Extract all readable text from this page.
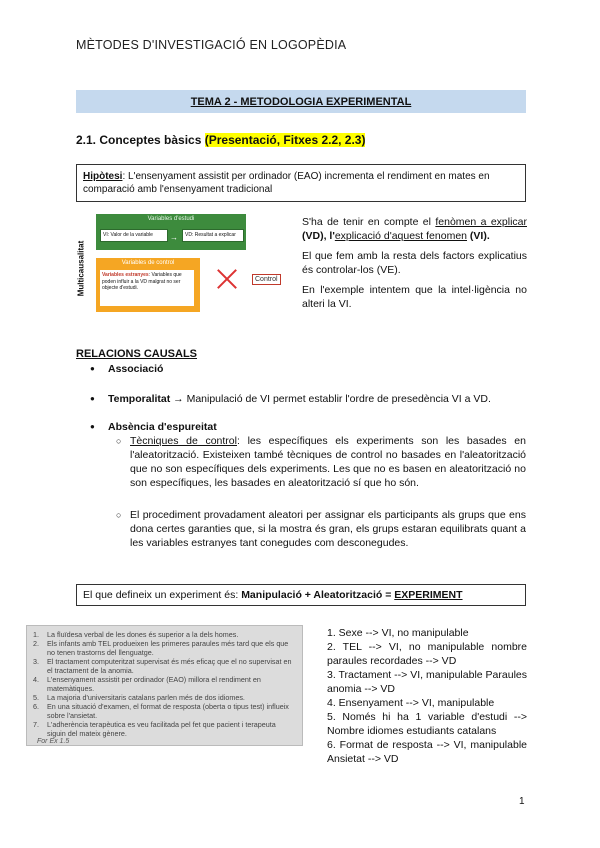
MÈTODES D'INVESTIGACIÓ EN LOGOPÈDIA
TEMA 2 - METODOLOGIA EXPERIMENTAL
2.1. Conceptes bàsics (Presentació, Fitxes 2.2, 2.3)
Hipòtesi: L'ensenyament assistit per ordinador (EAO) incrementa el rendiment en mates en comparació amb l'ensenyament tradicional
Multicausalitat
Variables d'estudi
VI: Valor de la variable	→	VD: Resultat a explicar
Variables de control
Variables estranyes: Variables que poden influir a la VD malgrat no ser objecte d'estudi.
Control

S'ha de tenir en compte el fenòmen a explicar (VD), l'explicació d'aquest fenomen (VI).

El que fem amb la resta dels factors explicatius és controlar-los (VE).

En l'exemple intentem que la intel·ligència no alteri la VI.

RELACIONS CAUSALS
● Associació
● Temporalitat → Manipulació de VI permet establir l'ordre de presedència VI a VD.
● Absència d'espureitat
○ Tècniques de control: les específiques els experiments son les basades en l'aleatorització. Existeixen també tècniques de control no basades en l'aleatorització que no son específiques dels experiments. Les que no es basen en aleatorització no son específiques, les basades en aleatorització sí que ho són.
○ El procediment provadament aleatori per assignar els participants als grups que ens dona certes garanties que, si la mostra és gran, els grups estaran equilibrats quant a les variables estranyes tant conegudes com desconegudes.
El que defineix un experiment és: Manipulació + Aleatorització = EXPERIMENT
1. La fluïdesa verbal de les dones és superior a la dels homes.
2. Els infants amb TEL produeixen les primeres paraules més tard que els que no tenen trastorns del llenguatge.
3. El tractament computeritzat supervisat és més eficaç que el no supervisat en el tractament de la anomia.
4. L'ensenyament assistit per ordinador (EAO) millora el rendiment en matemàtiques.
5. La majoria d'universitaris catalans parlen més de dos idiomes.
6. En una situació d'examen, el format de resposta (oberta o tipus test) influeix sobre l'ansietat.
7. L'adherència terapèutica es veu facilitada pel fet que pacient i terapeuta siguin del mateix gènere.
For Ex 1.5
1. Sexe --> VI, no manipulable
2. TEL --> VI, no manipulable nombre paraules recordades --> VD
3. Tractament --> VI, manipulable Paraules anomia --> VD
4. Ensenyament --> VI, manipulable
5. Només hi ha 1 variable d'estudi --> Nombre idiomes estudiants catalans
6. Format de resposta --> VI, manipulable Ansietat --> VD
1
